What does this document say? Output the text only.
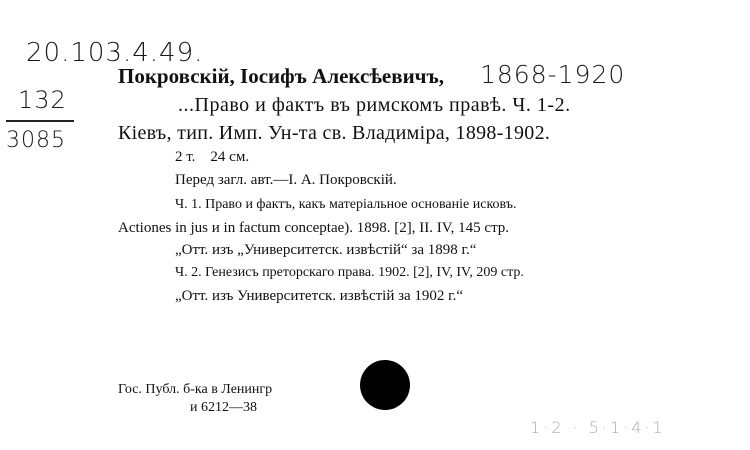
20.103.4.49.
132
3085
Покровскій, Іосифъ Алексѣевичъ, 1868-1920
...Право и фактъ въ римскомъ правѣ. Ч. 1-2.
Кіевъ, тип. Имп. Ун-та св. Владиміра, 1898-1902.
2 т.    24 см.
Перед загл. авт.—І. А. Покровскій.
Ч. 1. Право и фактъ, какъ матеріальное основаніе исковъ.
Actiones in jus и in factum conceptae). 1898. [2], II. IV, 145 стр.
„Отт. изъ „Университетск. извѣстій“ за 1898 г.“
Ч. 2. Генезисъ преторскаго права. 1902. [2], IV, IV, 209 стр.
„Отт. изъ Университетск. извѣстій за 1902 г.“
Гос. Публ. б-ка в Ленингр
и 6212—38
1·2 · 5·1·4·1
